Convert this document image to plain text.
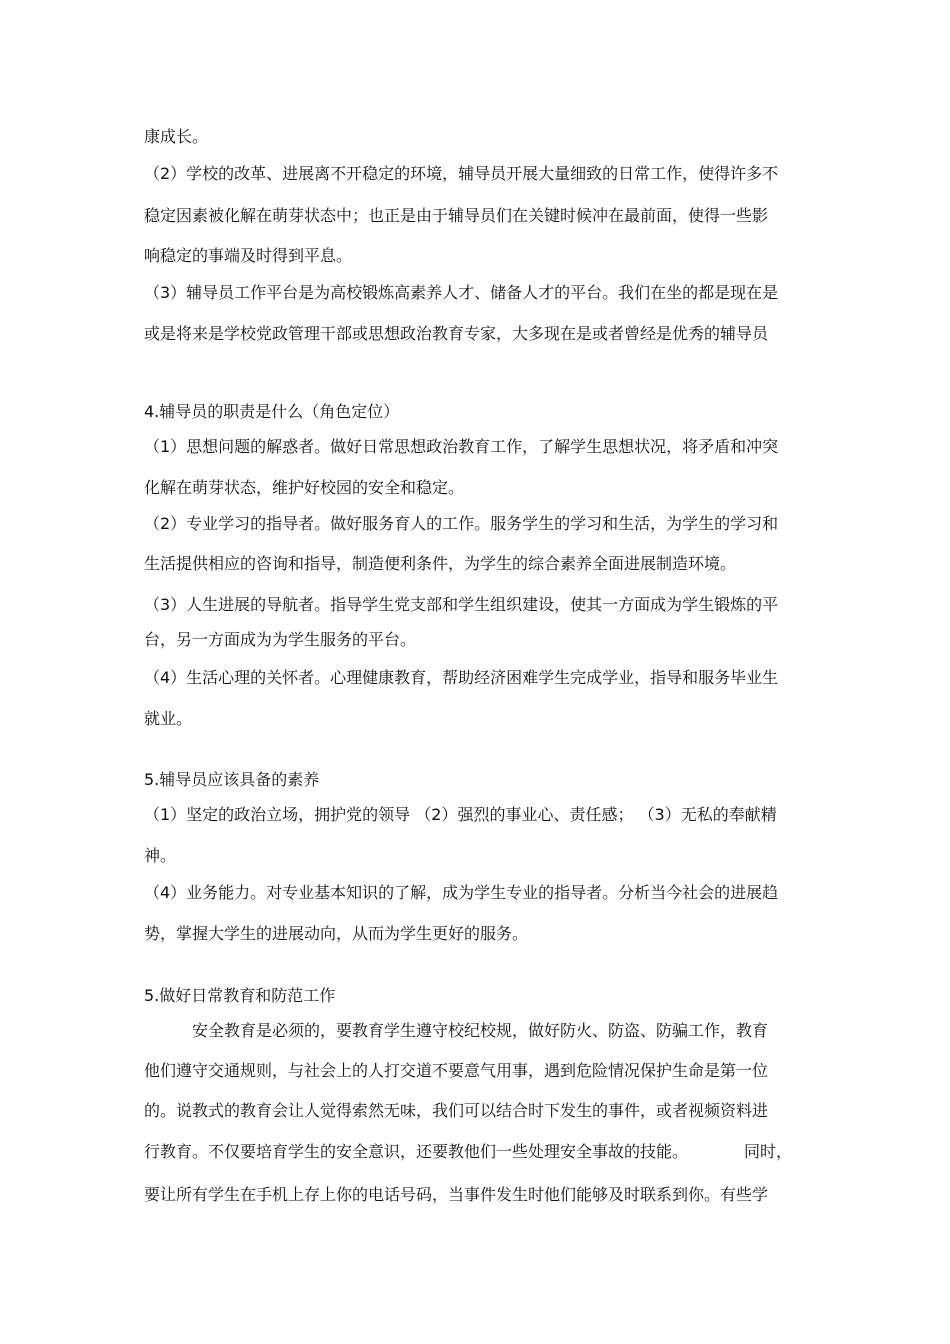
康成长。
（2）学校的改革、进展离不开稳定的环境，辅导员开展大量细致的日常工作，使得许多不
稳定因素被化解在萌芽状态中；也正是由于辅导员们在关键时候冲在最前面，使得一些影
响稳定的事端及时得到平息。
（3）辅导员工作平台是为高校锻炼高素养人才、储备人才的平台。我们在坐的都是现在是
或是将来是学校党政管理干部或思想政治教育专家，大多现在是或者曾经是优秀的辅导员
4.辅导员的职责是什么（角色定位）
（1）思想问题的解惑者。做好日常思想政治教育工作，了解学生思想状况，将矛盾和冲突
化解在萌芽状态，维护好校园的安全和稳定。
（2）专业学习的指导者。做好服务育人的工作。服务学生的学习和生活，为学生的学习和
生活提供相应的咨询和指导，制造便利条件，为学生的综合素养全面进展制造环境。
（3）人生进展的导航者。指导学生党支部和学生组织建设，使其一方面成为学生锻炼的平
台，另一方面成为为学生服务的平台。
（4）生活心理的关怀者。心理健康教育，帮助经济困难学生完成学业，指导和服务毕业生
就业。
5.辅导员应该具备的素养
（1）坚定的政治立场，拥护党的领导 （2）强烈的事业心、责任感； （3）无私的奉献精
神。
（4）业务能力。对专业基本知识的了解，成为学生专业的指导者。分析当今社会的进展趋
势，掌握大学生的进展动向，从而为学生更好的服务。
5.做好日常教育和防范工作
安全教育是必须的，要教育学生遵守校纪校规，做好防火、防盗、防骗工作，教育
他们遵守交通规则，与社会上的人打交道不要意气用事，遇到危险情况保护生命是第一位
的。说教式的教育会让人觉得索然无味，我们可以结合时下发生的事件，或者视频资料进
行教育。不仅要培育学生的安全意识，还要教他们一些处理安全事故的技能。　　　　同时，
要让所有学生在手机上存上你的电话号码，当事件发生时他们能够及时联系到你。有些学
